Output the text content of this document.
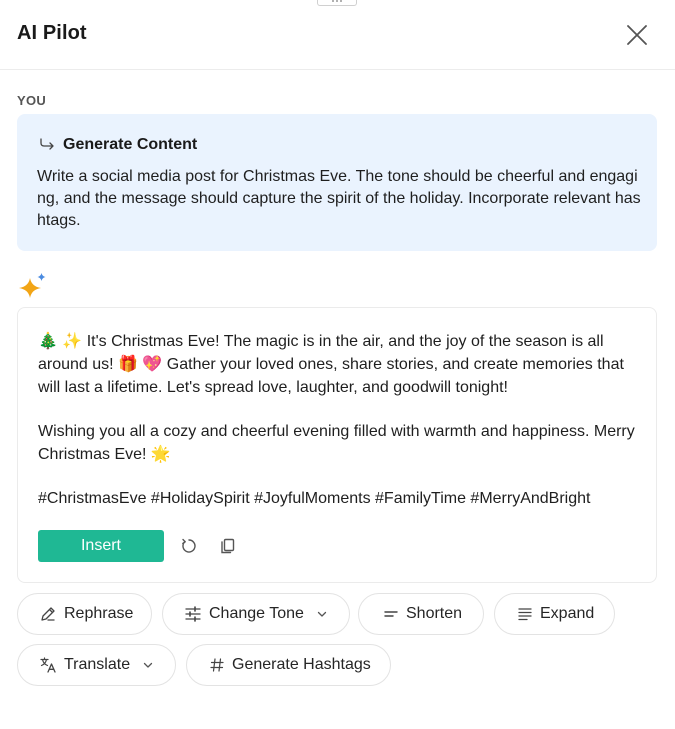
AI Pilot
YOU
Generate Content
Write a social media post for Christmas Eve. The tone should be cheerful and engaging, and the message should capture the spirit of the holiday. Incorporate relevant hashtags.

🎄 ✨ It's Christmas Eve! The magic is in the air, and the joy of the season is all around us! 🎁 💖 Gather your loved ones, share stories, and create memories that will last a lifetime. Let's spread love, laughter, and goodwill tonight!

Wishing you all a cozy and cheerful evening filled with warmth and happiness. Merry Christmas Eve! 🌟

#ChristmasEve #HolidaySpirit #JoyfulMoments #FamilyTime #MerryAndBright

Insert
Rephrase	Change Tone	Shorten	Expand
Translate	Generate Hashtags
